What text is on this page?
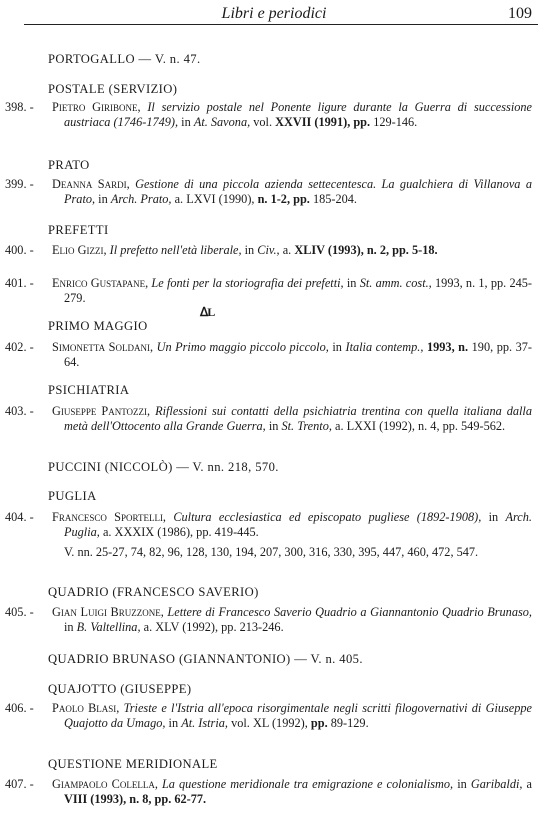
Libri e periodici	109
PORTOGALLO — V. n. 47.
POSTALE (SERVIZIO)
398. - Pietro Giribone, Il servizio postale nel Ponente ligure durante la Guerra di successione austriaca (1746-1749), in At. Savona, vol. XXVII (1991), pp. 129-146.
PRATO
399. - Deanna Sardi, Gestione di una piccola azienda settecentesca. La gualchiera di Villanova a Prato, in Arch. Prato, a. LXVI (1990), n. 1-2, pp. 185-204.
PREFETTI
400. - Elio Gizzi, Il prefetto nell'età liberale, in Civ., a. XLIV (1993), n. 2, pp. 5-18.
401. - Enrico Gustapane, Le fonti per la storiografia dei prefetti, in St. amm. cost., 1993, n. 1, pp. 245-279.
ⵠL
PRIMO MAGGIO
402. - Simonetta Soldani, Un Primo maggio piccolo piccolo, in Italia contemp., 1993, n. 190, pp. 37-64.
PSICHIATRIA
403. - Giuseppe Pantozzi, Riflessioni sui contatti della psichiatria trentina con quella italiana dalla metà dell'Ottocento alla Grande Guerra, in St. Trento, a. LXXI (1992), n. 4, pp. 549-562.
PUCCINI (NICCOLÒ) — V. nn. 218, 570.
PUGLIA
404. - Francesco Sportelli, Cultura ecclesiastica ed episcopato pugliese (1892-1908), in Arch. Puglia, a. XXXIX (1986), pp. 419-445.
V. nn. 25-27, 74, 82, 96, 128, 130, 194, 207, 300, 316, 330, 395, 447, 460, 472, 547.
QUADRIO (FRANCESCO SAVERIO)
405. - Gian Luigi Bruzzone, Lettere di Francesco Saverio Quadrio a Giannantonio Quadrio Brunaso, in B. Valtellina, a. XLV (1992), pp. 213-246.
QUADRIO BRUNASO (GIANNANTONIO) — V. n. 405.
QUAJOTTO (GIUSEPPE)
406. - Paolo Blasi, Trieste e l'Istria all'epoca risorgimentale negli scritti filogovernativi di Giuseppe Quajotto da Umago, in At. Istria, vol. XL (1992), pp. 89-129.
QUESTIONE MERIDIONALE
407. - Giampaolo Colella, La questione meridionale tra emigrazione e colonialismo, in Garibaldi, a VIII (1993), n. 8, pp. 62-77.
